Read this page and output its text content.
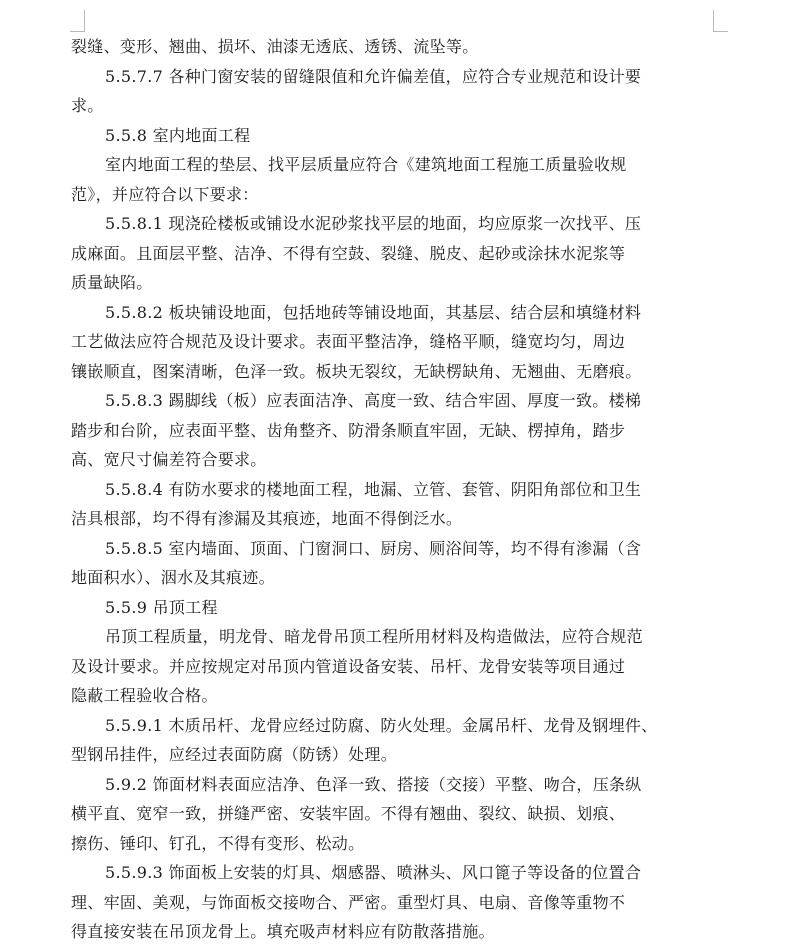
裂缝、变形、翘曲、损坏、油漆无透底、透锈、流坠等。
5.5.7.7 各种门窗安装的留缝限值和允许偏差值，应符合专业规范和设计要
求。
5.5.8 室内地面工程
室内地面工程的垫层、找平层质量应符合《建筑地面工程施工质量验收规
范》，并应符合以下要求：
5.5.8.1 现浇砼楼板或铺设水泥砂浆找平层的地面，均应原浆一次找平、压
成麻面。且面层平整、洁净、不得有空鼓、裂缝、脱皮、起砂或涂抹水泥浆等
质量缺陷。
5.5.8.2 板块铺设地面，包括地砖等铺设地面，其基层、结合层和填缝材料
工艺做法应符合规范及设计要求。表面平整洁净，缝格平顺，缝宽均匀，周边
镶嵌顺直，图案清晰，色泽一致。板块无裂纹，无缺楞缺角、无翘曲、无磨痕。
5.5.8.3 踢脚线（板）应表面洁净、高度一致、结合牢固、厚度一致。楼梯
踏步和台阶，应表面平整、齿角整齐、防滑条顺直牢固，无缺、楞掉角，踏步
高、宽尺寸偏差符合要求。
5.5.8.4 有防水要求的楼地面工程，地漏、立管、套管、阴阳角部位和卫生
洁具根部，均不得有渗漏及其痕迹，地面不得倒泛水。
5.5.8.5 室内墙面、顶面、门窗洞口、厨房、厕浴间等，均不得有渗漏（含
地面积水）、洇水及其痕迹。
5.5.9 吊顶工程
吊顶工程质量，明龙骨、暗龙骨吊顶工程所用材料及构造做法，应符合规范
及设计要求。并应按规定对吊顶内管道设备安装、吊杆、龙骨安装等项目通过
隐蔽工程验收合格。
5.5.9.1 木质吊杆、龙骨应经过防腐、防火处理。金属吊杆、龙骨及钢埋件、
型钢吊挂件，应经过表面防腐（防锈）处理。
5.9.2 饰面材料表面应洁净、色泽一致、搭接（交接）平整、吻合，压条纵
横平直、宽窄一致，拼缝严密、安装牢固。不得有翘曲、裂纹、缺损、划痕、
擦伤、锤印、钉孔，不得有变形、松动。
5.5.9.3 饰面板上安装的灯具、烟感器、喷淋头、风口篦子等设备的位置合
理、牢固、美观，与饰面板交接吻合、严密。重型灯具、电扇、音像等重物不
得直接安装在吊顶龙骨上。填充吸声材料应有防散落措施。
